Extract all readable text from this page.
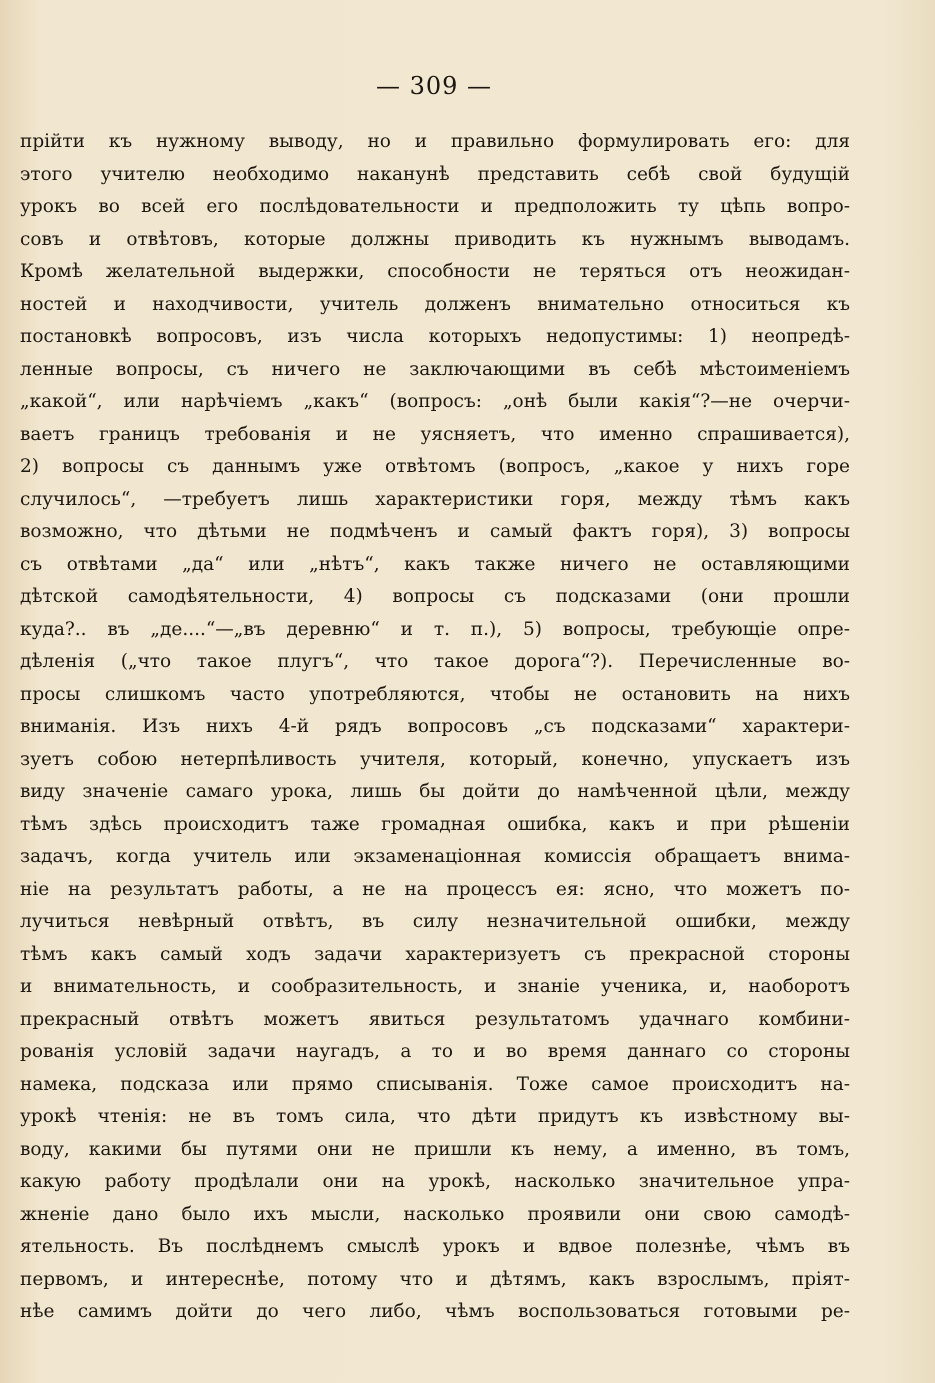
— 309 —
прійти къ нужному выводу, но и правильно формулировать его: для
этого учителю необходимо наканунѣ представить себѣ свой будущій
урокъ во всей его послѣдовательности и предположить ту цѣпь вопро-
совъ и отвѣтовъ, которые должны приводить къ нужнымъ выводамъ.
Кромѣ желательной выдержки, способности не теряться отъ неожидан-
ностей и находчивости, учитель долженъ внимательно относиться къ
постановкѣ вопросовъ, изъ числа которыхъ недопустимы: 1) неопредѣ-
ленные вопросы, съ ничего не заключающими въ себѣ мѣстоименіемъ
„какой“, или нарѣчіемъ „какъ“ (вопросъ: „онѣ были какія“?—не очерчи-
ваетъ границъ требованія и не уясняетъ, что именно спрашивается),
2) вопросы съ даннымъ уже отвѣтомъ (вопросъ, „какое у нихъ горе
случилось“, —требуетъ лишь характеристики горя, между тѣмъ какъ
возможно, что дѣтьми не подмѣченъ и самый фактъ горя), 3) вопросы
съ отвѣтами „да“ или „нѣтъ“, какъ также ничего не оставляющими
дѣтской самодѣятельности, 4) вопросы съ подсказами (они прошли
куда?.. въ „де....“—„въ деревню“ и т. п.), 5) вопросы, требующіе опре-
дѣленія („что такое плугъ“, что такое дорога“?). Перечисленные во-
просы слишкомъ часто употребляются, чтобы не остановить на нихъ
вниманія. Изъ нихъ 4-й рядъ вопросовъ „съ подсказами“ характери-
зуетъ собою нетерпѣливость учителя, который, конечно, упускаетъ изъ
виду значеніе самаго урока, лишь бы дойти до намѣченной цѣли, между
тѣмъ здѣсь происходитъ таже громадная ошибка, какъ и при рѣшеніи
задачъ, когда учитель или экзаменаціонная комиссія обращаетъ внима-
ніе на результатъ работы, а не на процессъ ея: ясно, что можетъ по-
лучиться невѣрный отвѣтъ, въ силу незначительной ошибки, между
тѣмъ какъ самый ходъ задачи характеризуетъ съ прекрасной стороны
и внимательность, и сообразительность, и знаніе ученика, и, наоборотъ
прекрасный отвѣтъ можетъ явиться результатомъ удачнаго комбини-
рованія условій задачи наугадъ, а то и во время даннаго со стороны
намека, подсказа или прямо списыванія. Тоже самое происходитъ на-
урокѣ чтенія: не въ томъ сила, что дѣти придутъ къ извѣстному вы-
воду, какими бы путями они не пришли къ нему, а именно, въ томъ,
какую работу продѣлали они на урокѣ, насколько значительное упра-
жненіе дано было ихъ мысли, насколько проявили они свою самодѣ-
ятельность. Въ послѣднемъ смыслѣ урокъ и вдвое полезнѣе, чѣмъ въ
первомъ, и интереснѣе, потому что и дѣтямъ, какъ взрослымъ, пріят-
нѣе самимъ дойти до чего либо, чѣмъ воспользоваться готовыми ре-
